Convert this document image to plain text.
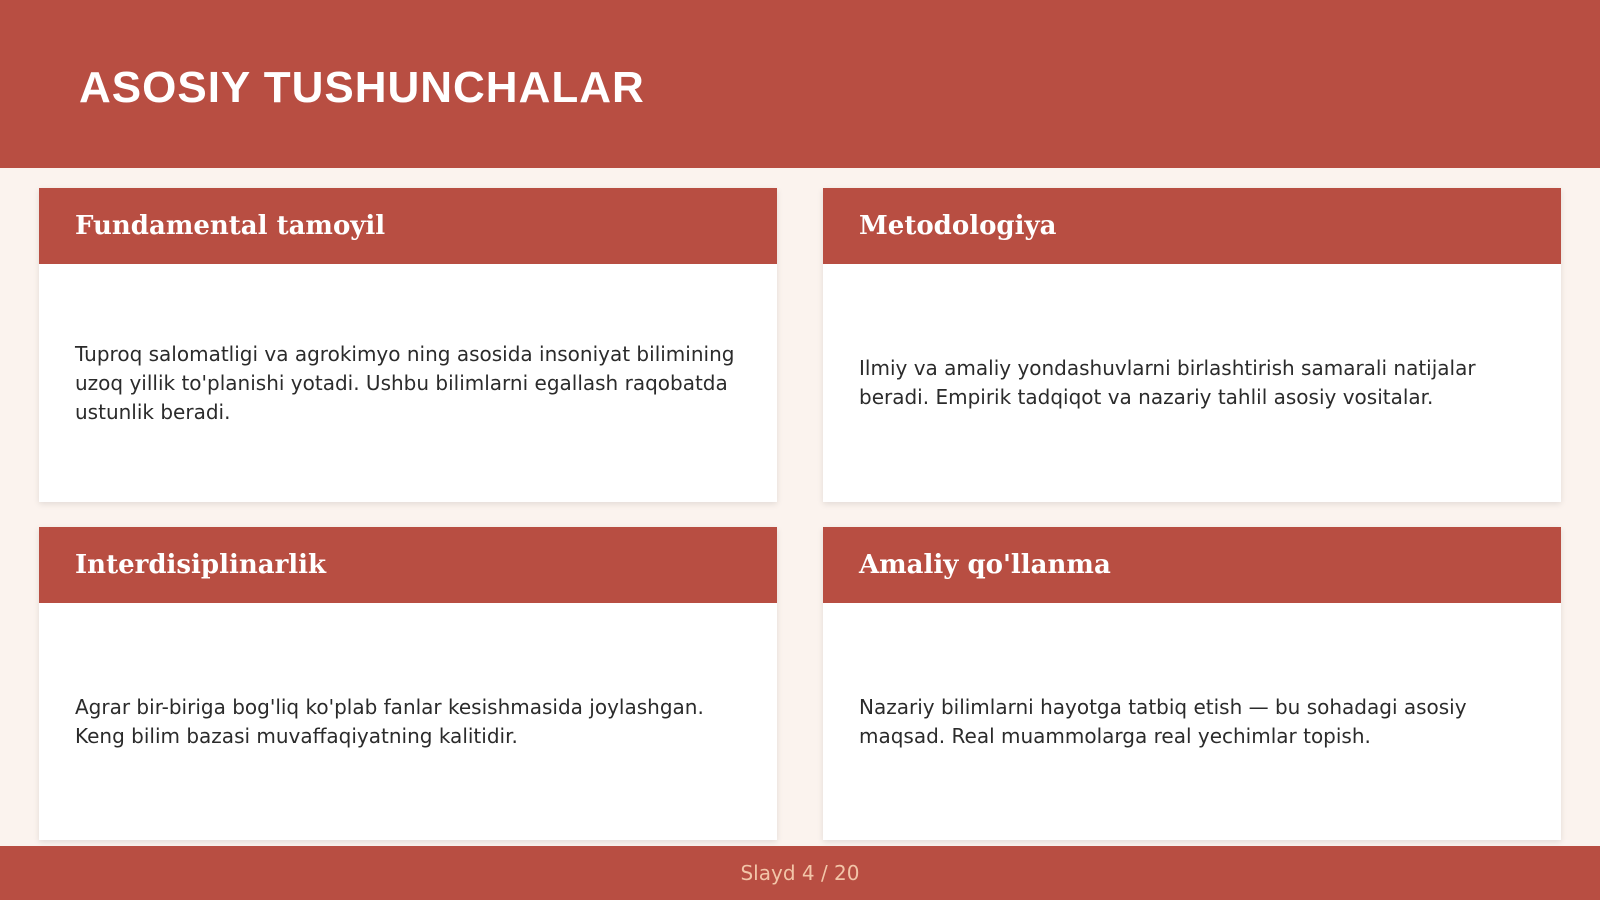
ASOSIY TUSHUNCHALAR
Fundamental tamoyil

Tuproq salomatligi va agrokimyo ning asosida insoniyat bilimining uzoq yillik to'planishi yotadi. Ushbu bilimlarni egallash raqobatda ustunlik beradi.

Metodologiya

Ilmiy va amaliy yondashuvlarni birlashtirish samarali natijalar beradi. Empirik tadqiqot va nazariy tahlil asosiy vositalar.

Interdisiplinarlik

Agrar bir-biriga bog'liq ko'plab fanlar kesishmasida joylashgan. Keng bilim bazasi muvaffaqiyatning kalitidir.

Amaliy qo'llanma

Nazariy bilimlarni hayotga tatbiq etish — bu sohadagi asosiy maqsad. Real muammolarga real yechimlar topish.

Slayd 4 / 20
